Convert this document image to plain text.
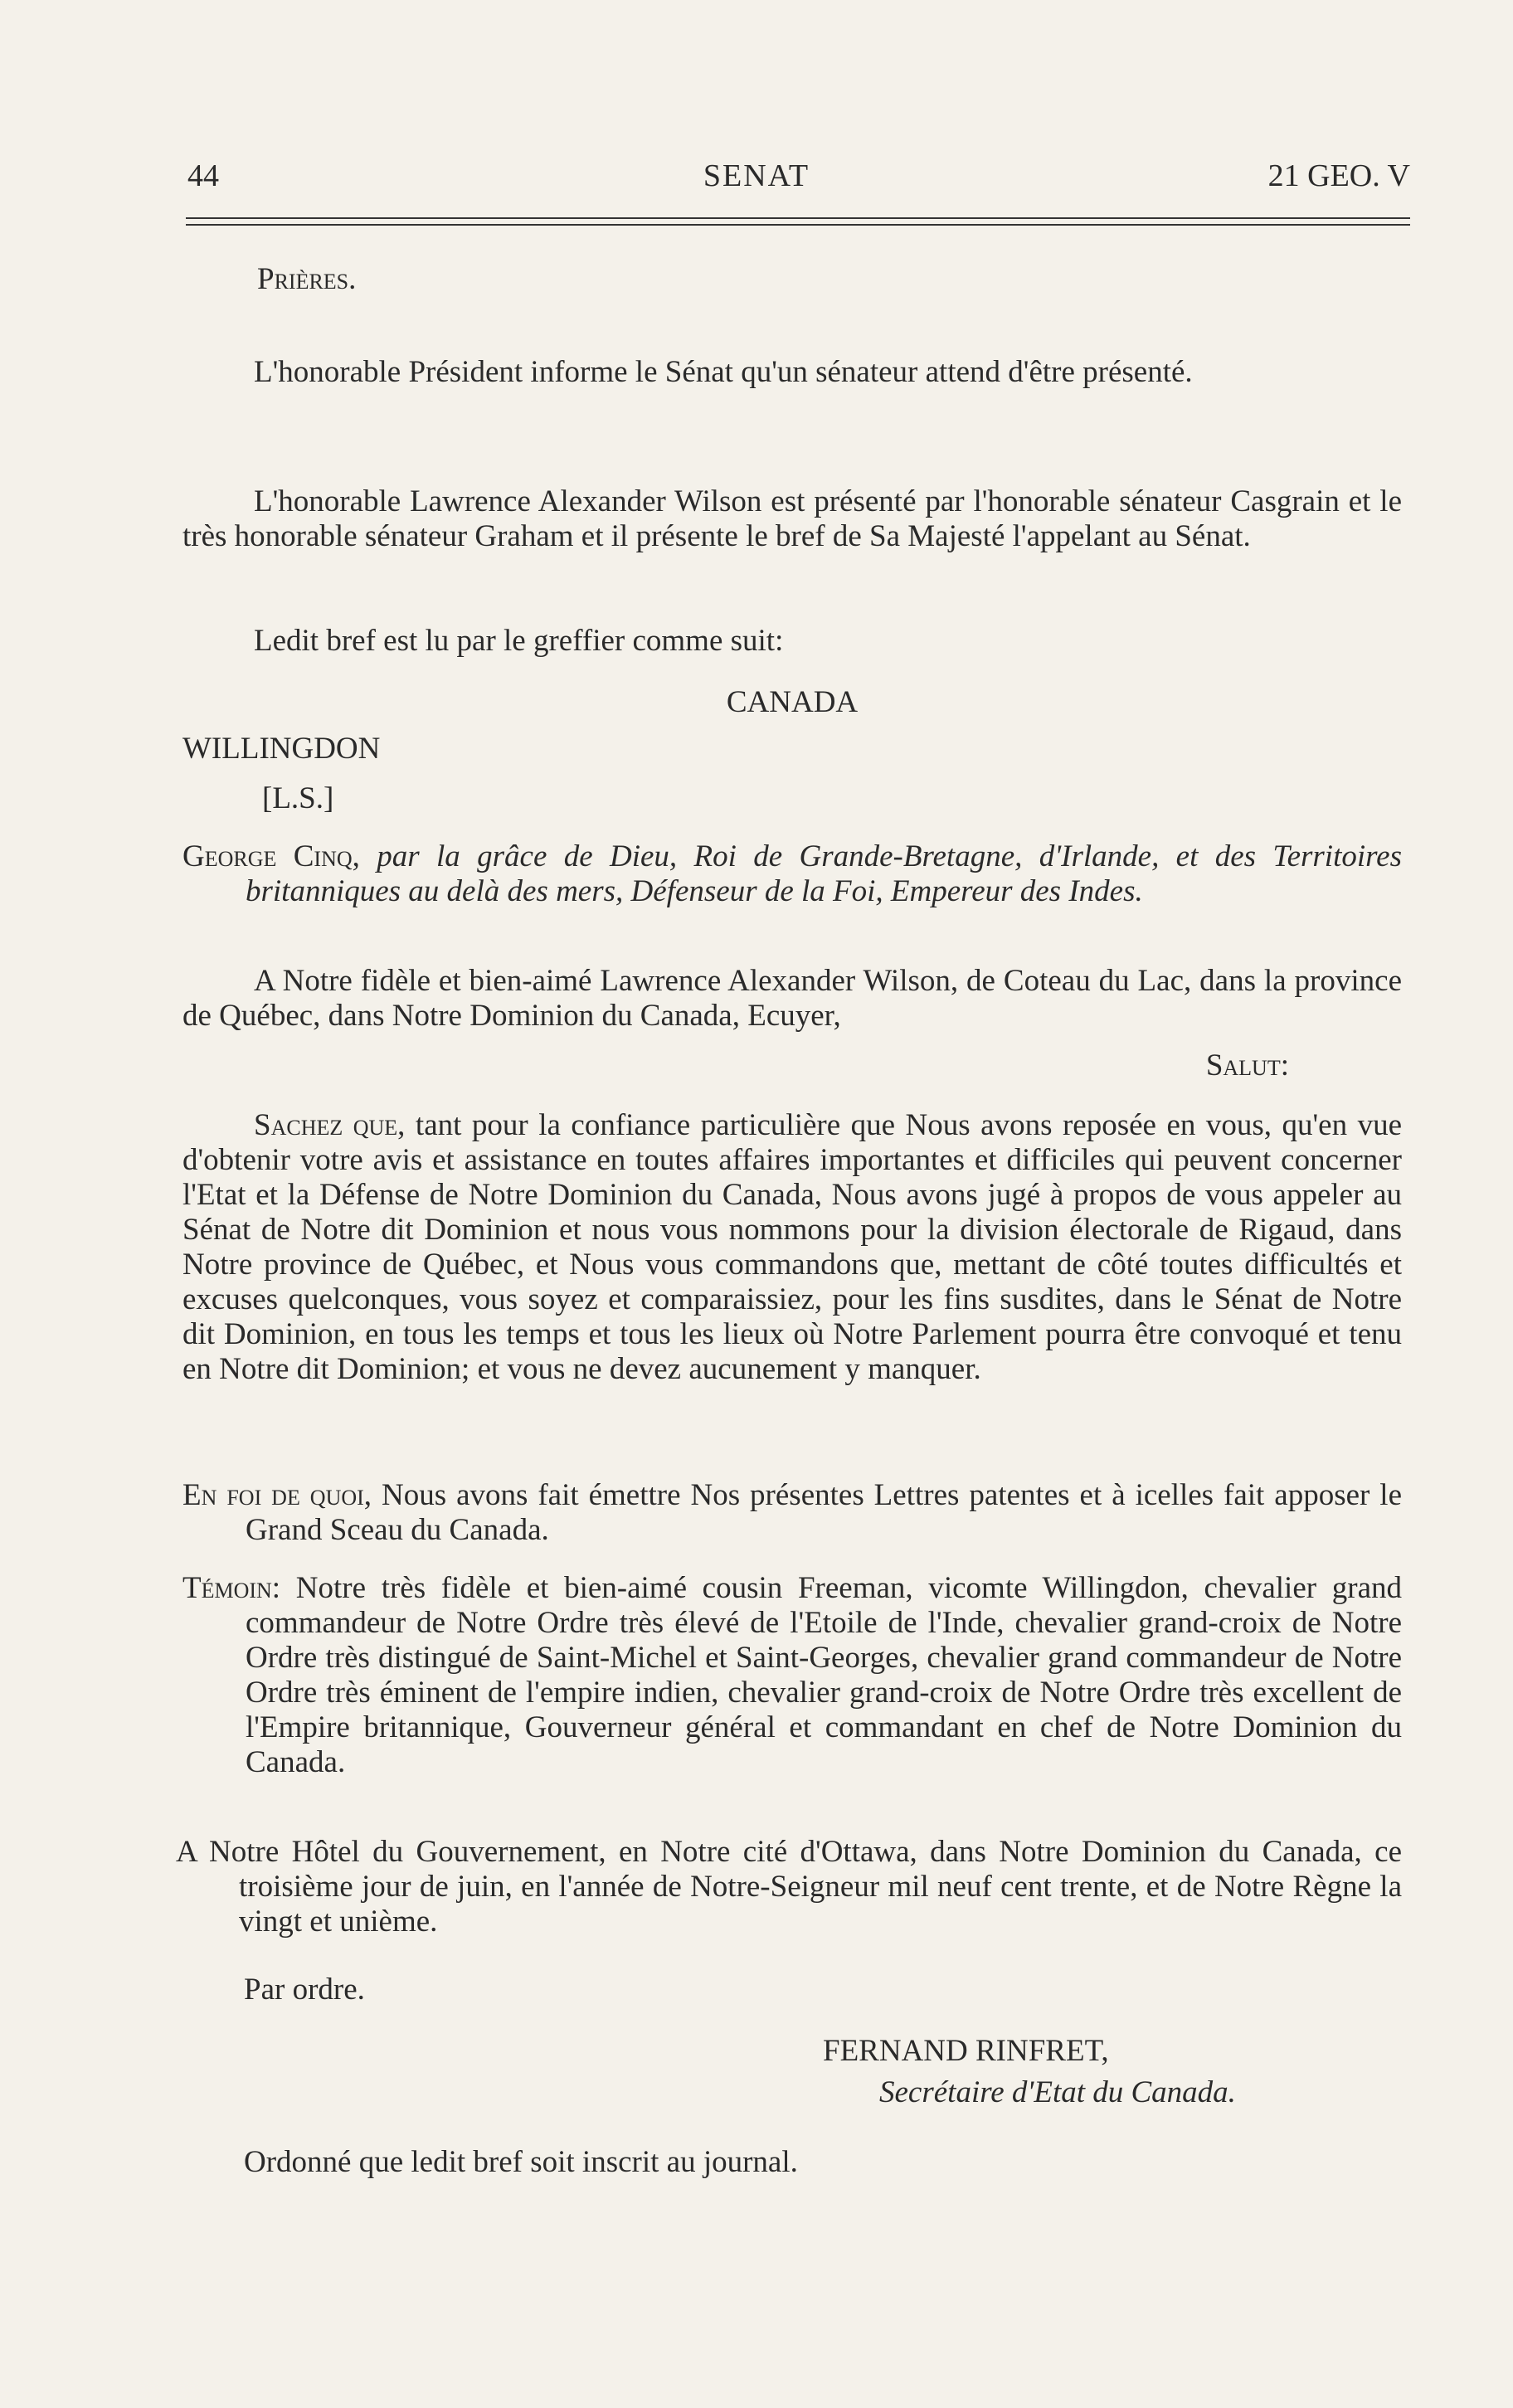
44	SENAT	21 GEO. V

Prières.

L'honorable Président informe le Sénat qu'un sénateur attend d'être présenté.

L'honorable Lawrence Alexander Wilson est présenté par l'honorable sénateur Casgrain et le très honorable sénateur Graham et il présente le bref de Sa Majesté l'appelant au Sénat.

Ledit bref est lu par le greffier comme suit:

CANADA
WILLINGDON
[L.S.]

George Cinq, par la grâce de Dieu, Roi de Grande-Bretagne, d'Irlande, et des Territoires britanniques au delà des mers, Défenseur de la Foi, Empereur des Indes.

A Notre fidèle et bien-aimé Lawrence Alexander Wilson, de Coteau du Lac, dans la province de Québec, dans Notre Dominion du Canada, Ecuyer,

Salut:

Sachez que, tant pour la confiance particulière que Nous avons reposée en vous, qu'en vue d'obtenir votre avis et assistance en toutes affaires importantes et difficiles qui peuvent concerner l'Etat et la Défense de Notre Dominion du Canada, Nous avons jugé à propos de vous appeler au Sénat de Notre dit Dominion et nous vous nommons pour la division électorale de Rigaud, dans Notre province de Québec, et Nous vous commandons que, mettant de côté toutes difficultés et excuses quelconques, vous soyez et comparaissiez, pour les fins susdites, dans le Sénat de Notre dit Dominion, en tous les temps et tous les lieux où Notre Parlement pourra être convoqué et tenu en Notre dit Dominion; et vous ne devez aucunement y manquer.

En foi de quoi, Nous avons fait émettre Nos présentes Lettres patentes et à icelles fait apposer le Grand Sceau du Canada.

Témoin: Notre très fidèle et bien-aimé cousin Freeman, vicomte Willingdon, chevalier grand commandeur de Notre Ordre très élevé de l'Etoile de l'Inde, chevalier grand-croix de Notre Ordre très distingué de Saint-Michel et Saint-Georges, chevalier grand commandeur de Notre Ordre très éminent de l'empire indien, chevalier grand-croix de Notre Ordre très excellent de l'Empire britannique, Gouverneur général et commandant en chef de Notre Dominion du Canada.

A Notre Hôtel du Gouvernement, en Notre cité d'Ottawa, dans Notre Dominion du Canada, ce troisième jour de juin, en l'année de Notre-Seigneur mil neuf cent trente, et de Notre Règne la vingt et unième.

Par ordre.
FERNAND RINFRET,
Secrétaire d'Etat du Canada.
Ordonné que ledit bref soit inscrit au journal.
